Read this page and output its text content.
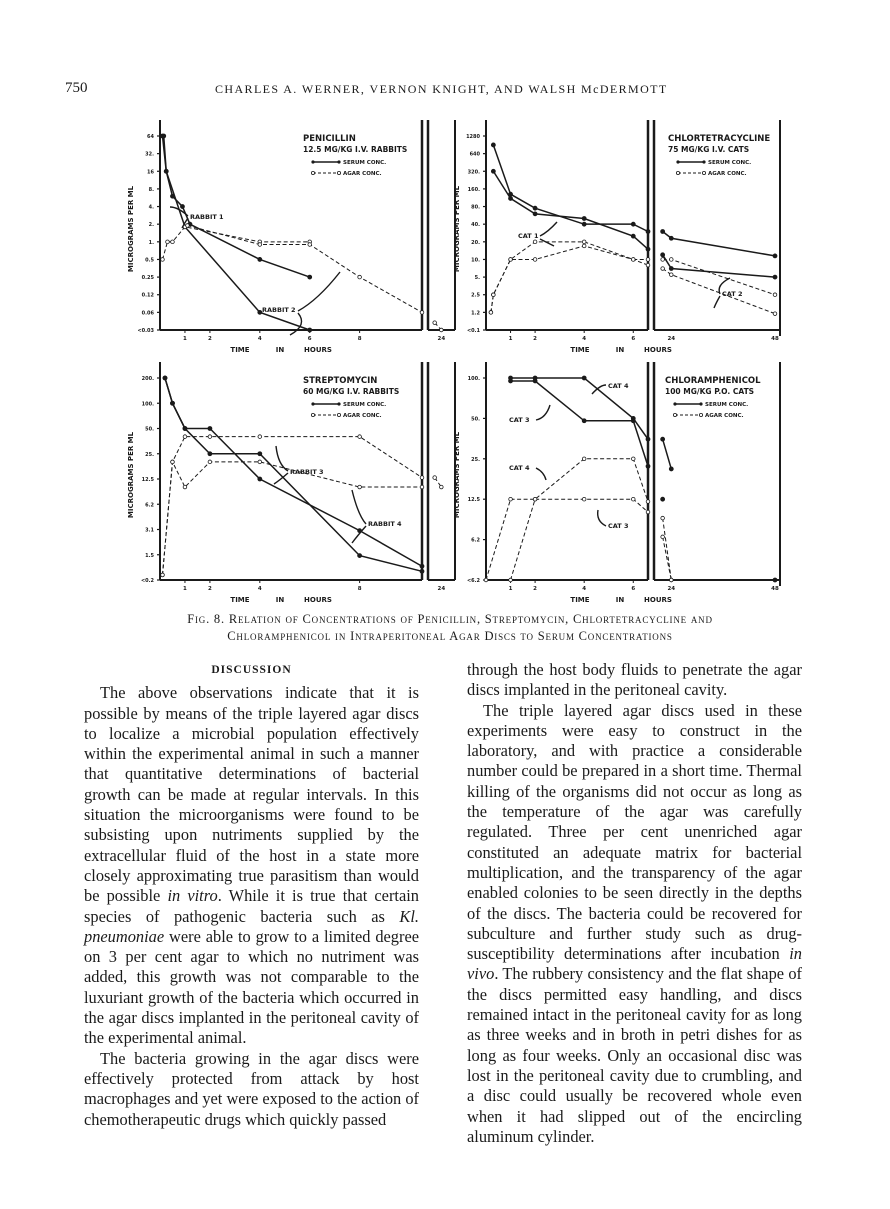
750	CHARLES A. WERNER, VERNON KNIGHT, AND WALSH McDERMOTT
<0.03
0.06
0.12
0.25
0.5
1.
2.
4.
8.
16
32.
64
MICROGRAMS PER ML
1	2	4	6	8	24
TIME	IN	HOURS
PENICILLIN
12.5 MG/KG I.V. RABBITS
SERUM CONC.
AGAR CONC.
<0.1
1.2
2.5
5.
10.
20.
40.
80.
160.
320.
640
1280
MICROGRAMS PER ML
1	2	4	6	24	48
TIME	IN	HOURS
CHLORTETRACYCLINE
75 MG/KG I.V. CATS
SERUM CONC.
AGAR CONC.
<0.2
1.5
3.1
6.2
12.5
25.
50.
100.
200.
MICROGRAMS PER ML
1	2	4	8	24
TIME	IN	HOURS
STREPTOMYCIN
60 MG/KG I.V. RABBITS
SERUM CONC.
AGAR CONC.
<6.2
6.2
12.5
25.
50.
100.
MICROGRAMS PER ML
1	2	4	6	24	48
TIME	IN	HOURS
CHLORAMPHENICOL
100 MG/KG P.O. CATS
SERUM CONC.
AGAR CONC.
RABBIT 1
RABBIT 2
CAT 1
CAT 2
RABBIT 3
RABBIT 4
CAT 4
CAT 3
CAT 4
CAT 3
Fig. 8. Relation of Concentrations of Penicillin, Streptomycin, Chlortetracycline and
Chloramphenicol in Intraperitoneal Agar Discs to Serum Concentrations
DISCUSSION

The above observations indicate that it is possible by means of the triple layered agar discs to localize a microbial population effectively within the experimental animal in such a manner that quantitative determinations of bacterial growth can be made at regular intervals. In this situation the microorganisms were found to be subsisting upon nutriments supplied by the extracellular fluid of the host in a state more closely approximating true parasitism than would be possible in vitro. While it is true that certain species of pathogenic bacteria such as Kl. pneumoniae were able to grow to a limited degree on 3 per cent agar to which no nutriment was added, this growth was not comparable to the luxuriant growth of the bacteria which occurred in the agar discs implanted in the peritoneal cavity of the experimental animal.

The bacteria growing in the agar discs were effectively protected from attack by host macrophages and yet were exposed to the action of chemotherapeutic drugs which quickly passed

through the host body fluids to penetrate the agar discs implanted in the peritoneal cavity.

The triple layered agar discs used in these experiments were easy to construct in the laboratory, and with practice a considerable number could be prepared in a short time. Thermal killing of the organisms did not occur as long as the temperature of the agar was carefully regulated. Three per cent unenriched agar constituted an adequate matrix for bacterial multiplication, and the transparency of the agar enabled colonies to be seen directly in the depths of the discs. The bacteria could be recovered for subculture and further study such as drug-susceptibility determinations after incubation in vivo. The rubbery consistency and the flat shape of the discs permitted easy handling, and discs remained intact in the peritoneal cavity for as long as three weeks and in broth in petri dishes for as long as four weeks. Only an occasional disc was lost in the peritoneal cavity due to crumbling, and a disc could usually be recovered whole even when it had slipped out of the encircling aluminum cylinder.
